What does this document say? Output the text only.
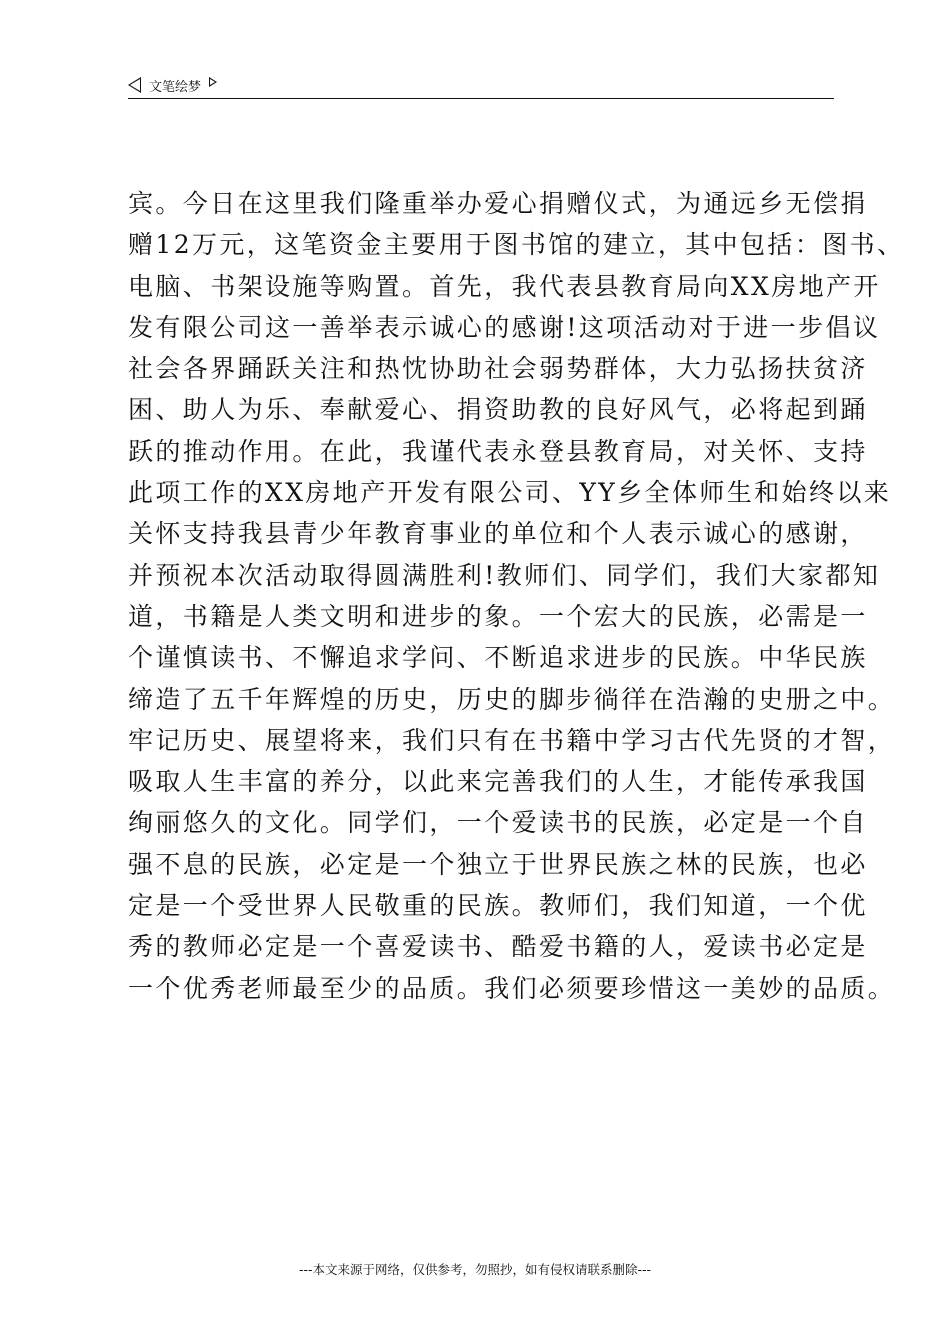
文笔绘梦
宾。今日在这里我们隆重举办爱心捐赠仪式，为通远乡无偿捐
赠12万元，这笔资金主要用于图书馆的建立，其中包括：图书、
电脑、书架设施等购置。首先，我代表县教育局向XX房地产开
发有限公司这一善举表示诚心的感谢!这项活动对于进一步倡议
社会各界踊跃关注和热忱协助社会弱势群体，大力弘扬扶贫济
困、助人为乐、奉献爱心、捐资助教的良好风气，必将起到踊
跃的推动作用。在此，我谨代表永登县教育局，对关怀、支持
此项工作的XX房地产开发有限公司、YY乡全体师生和始终以来
关怀支持我县青少年教育事业的单位和个人表示诚心的感谢，
并预祝本次活动取得圆满胜利!教师们、同学们，我们大家都知
道，书籍是人类文明和进步的象。一个宏大的民族，必需是一
个谨慎读书、不懈追求学问、不断追求进步的民族。中华民族
缔造了五千年辉煌的历史，历史的脚步徜徉在浩瀚的史册之中。
牢记历史、展望将来，我们只有在书籍中学习古代先贤的才智，
吸取人生丰富的养分，以此来完善我们的人生，才能传承我国
绚丽悠久的文化。同学们，一个爱读书的民族，必定是一个自
强不息的民族，必定是一个独立于世界民族之林的民族，也必
定是一个受世界人民敬重的民族。教师们，我们知道，一个优
秀的教师必定是一个喜爱读书、酷爱书籍的人，爱读书必定是
一个优秀老师最至少的品质。我们必须要珍惜这一美妙的品质。
---本文来源于网络，仅供参考，勿照抄，如有侵权请联系删除---
